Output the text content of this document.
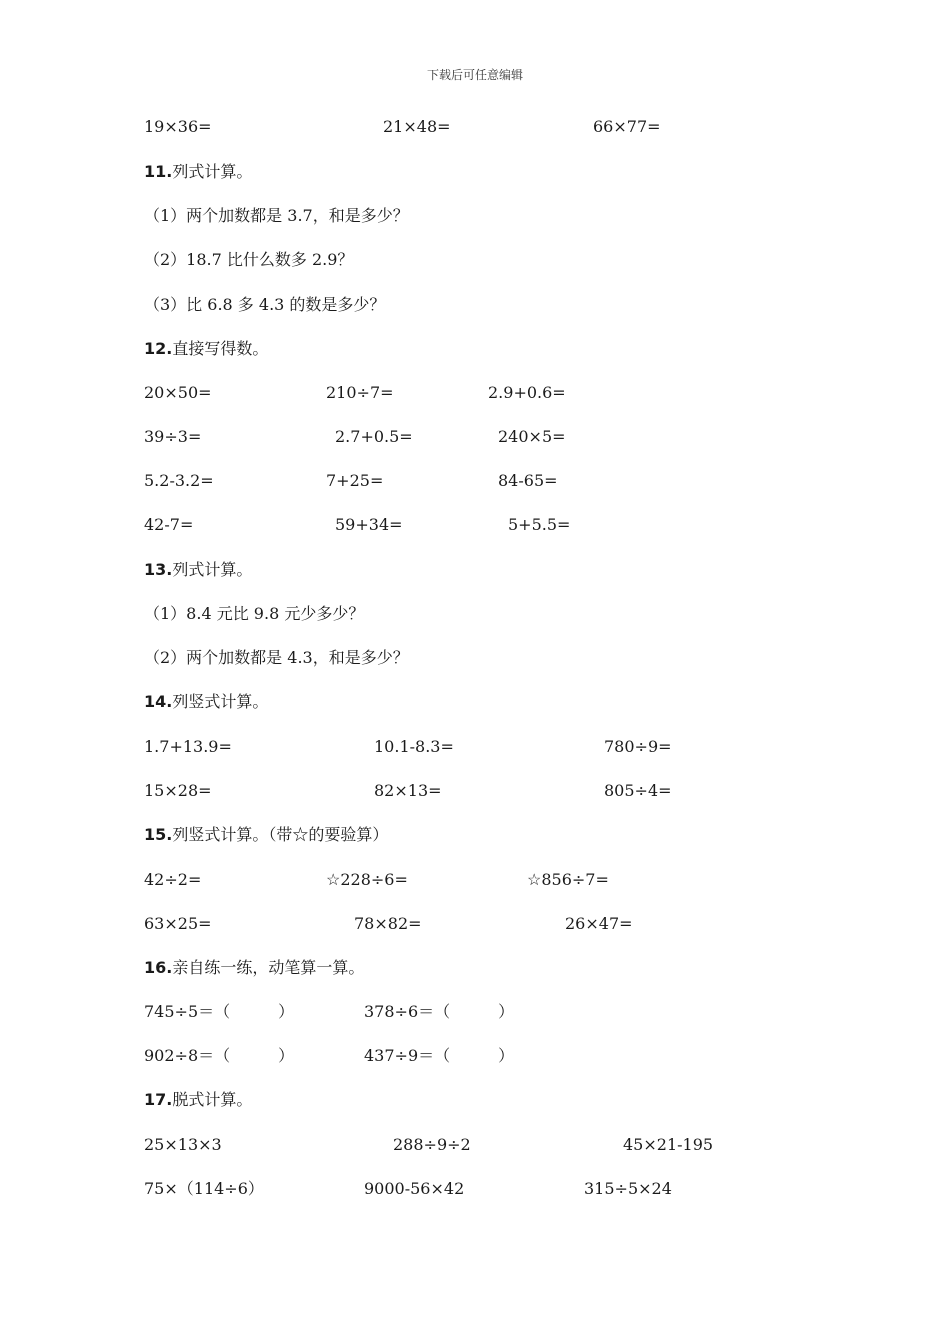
下载后可任意编辑
19×36=	21×48=	66×77=
11.列式计算。
（1）两个加数都是 3.7，和是多少？
（2）18.7 比什么数多 2.9？
（3）比 6.8 多 4.3 的数是多少？
12.直接写得数。
20×50=	210÷7=	2.9+0.6=
39÷3=	2.7+0.5=	240×5=
5.2-3.2=	7+25=	84-65=
42-7=	59+34=	5+5.5=
13.列式计算。
（1）8.4 元比 9.8 元少多少？
（2）两个加数都是 4.3，和是多少？
14.列竖式计算。
1.7+13.9=	10.1-8.3=	780÷9=
15×28=	82×13=	805÷4=
15.列竖式计算。（带☆的要验算）
42÷2=	☆228÷6=	☆856÷7=
63×25=	78×82=	26×47=
16.亲自练一练，动笔算一算。
745÷5＝（　　　）	378÷6＝（　　　）
902÷8＝（　　　）	437÷9＝（　　　）
17.脱式计算。
25×13×3	288÷9÷2	45×21-195
75×（114÷6）	9000-56×42	315÷5×24
